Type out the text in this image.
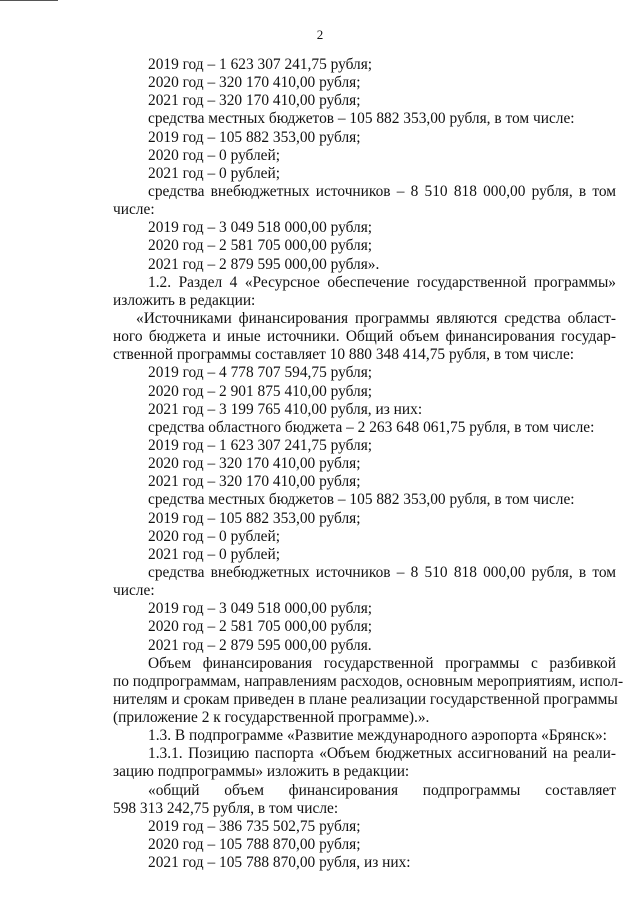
2
2019 год – 1 623 307 241,75 рубля;
2020 год – 320 170 410,00 рубля;
2021 год – 320 170 410,00 рубля;
средства местных бюджетов – 105 882 353,00 рубля, в том числе:
2019 год – 105 882 353,00 рубля;
2020 год – 0 рублей;
2021 год – 0 рублей;
средства внебюджетных источников – 8 510 818 000,00 рубля, в том
числе:
2019 год – 3 049 518 000,00 рубля;
2020 год – 2 581 705 000,00 рубля;
2021 год – 2 879 595 000,00 рубля».
1.2. Раздел 4 «Ресурсное обеспечение государственной программы»
изложить в редакции:
«Источниками финансирования программы являются средства област-
ного бюджета и иные источники. Общий объем финансирования государ-
ственной программы составляет 10 880 348 414,75 рубля, в том числе:
2019 год – 4 778 707 594,75 рубля;
2020 год – 2 901 875 410,00 рубля;
2021 год – 3 199 765 410,00 рубля, из них:
средства областного бюджета – 2 263 648 061,75 рубля, в том числе:
2019 год – 1 623 307 241,75 рубля;
2020 год – 320 170 410,00 рубля;
2021 год – 320 170 410,00 рубля;
средства местных бюджетов – 105 882 353,00 рубля, в том числе:
2019 год – 105 882 353,00 рубля;
2020 год – 0 рублей;
2021 год – 0 рублей;
средства внебюджетных источников – 8 510 818 000,00 рубля, в том
числе:
2019 год – 3 049 518 000,00 рубля;
2020 год – 2 581 705 000,00 рубля;
2021 год – 2 879 595 000,00 рубля.
Объем финансирования государственной программы с разбивкой
по подпрограммам, направлениям расходов, основным мероприятиям, испол-
нителям и срокам приведен в плане реализации государственной программы
(приложение 2 к государственной программе).».
1.3. В подпрограмме «Развитие международного аэропорта «Брянск»:
1.3.1. Позицию паспорта «Объем бюджетных ассигнований на реали-
зацию подпрограммы» изложить в редакции:
«общий объем финансирования подпрограммы составляет
598 313 242,75 рубля, в том числе:
2019 год – 386 735 502,75 рубля;
2020 год – 105 788 870,00 рубля;
2021 год – 105 788 870,00 рубля, из них:
